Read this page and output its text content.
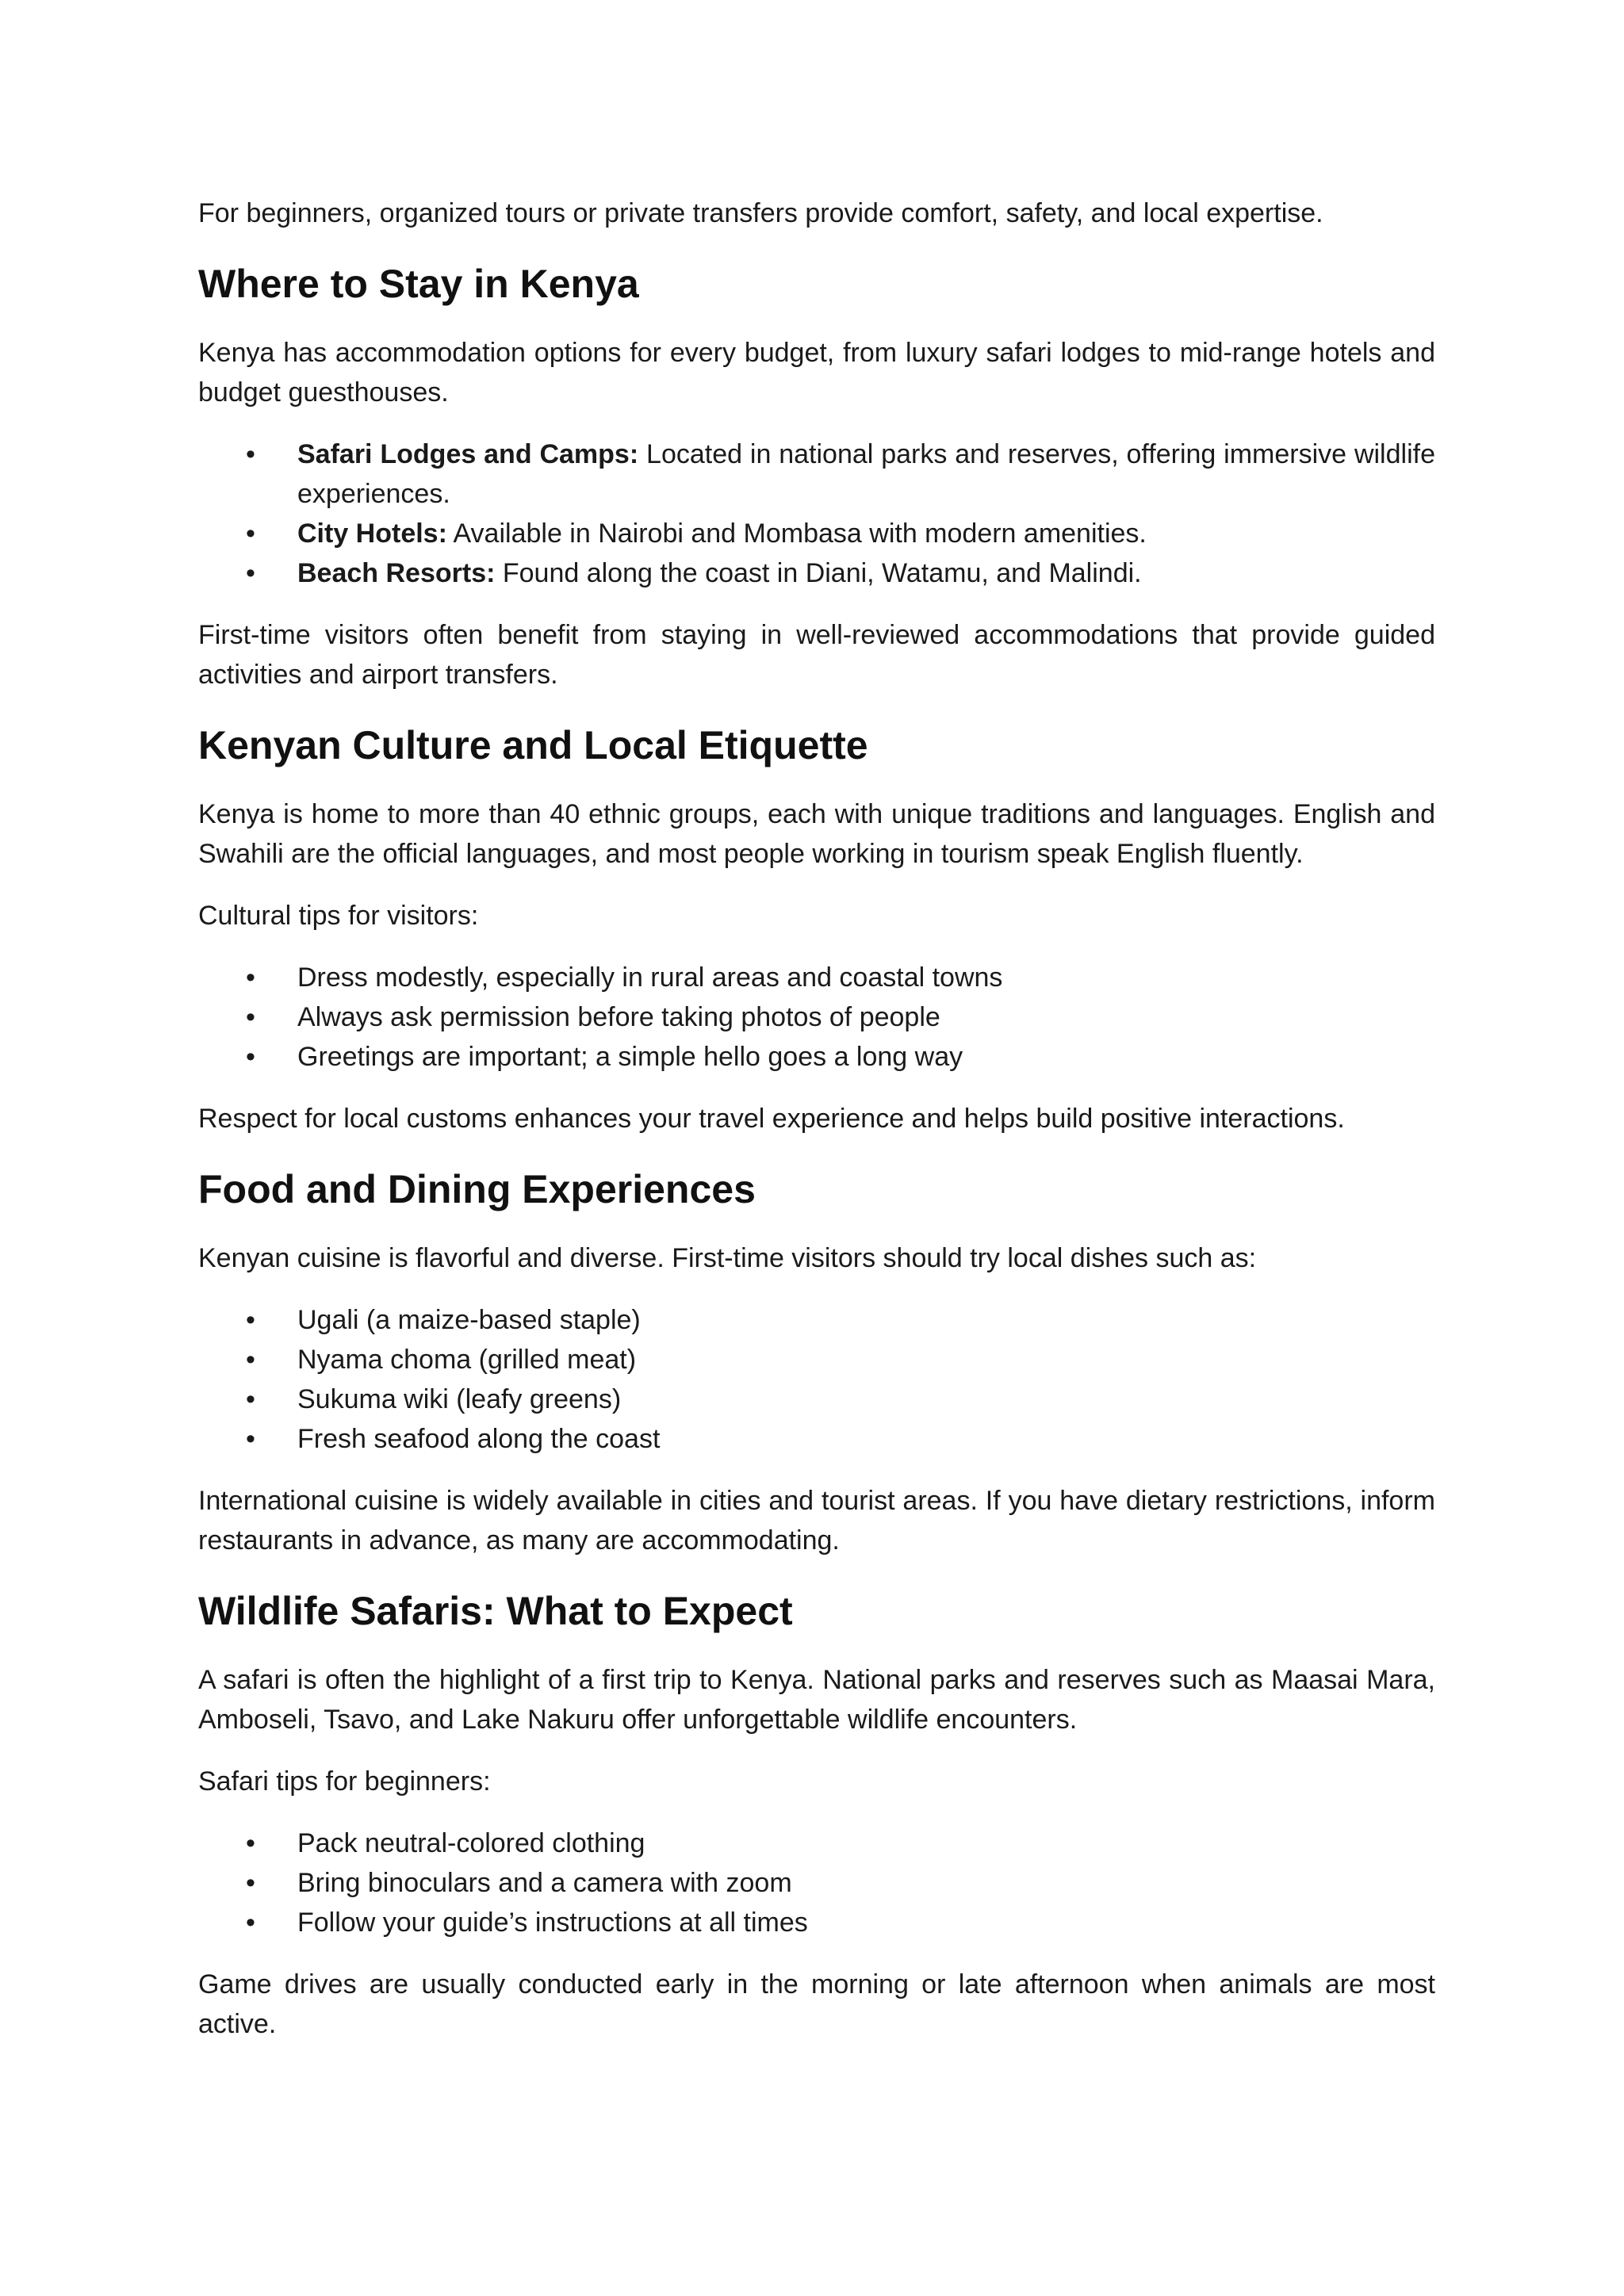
For beginners, organized tours or private transfers provide comfort, safety, and local expertise.

Where to Stay in Kenya

Kenya has accommodation options for every budget, from luxury safari lodges to mid-range hotels and budget guesthouses.

• Safari Lodges and Camps: Located in national parks and reserves, offering immersive wildlife experiences.
• City Hotels: Available in Nairobi and Mombasa with modern amenities.
• Beach Resorts: Found along the coast in Diani, Watamu, and Malindi.

First-time visitors often benefit from staying in well-reviewed accommodations that provide guided activities and airport transfers.

Kenyan Culture and Local Etiquette

Kenya is home to more than 40 ethnic groups, each with unique traditions and languages. English and Swahili are the official languages, and most people working in tourism speak English fluently.

Cultural tips for visitors:

• Dress modestly, especially in rural areas and coastal towns
• Always ask permission before taking photos of people
• Greetings are important; a simple hello goes a long way

Respect for local customs enhances your travel experience and helps build positive interactions.

Food and Dining Experiences

Kenyan cuisine is flavorful and diverse. First-time visitors should try local dishes such as:

• Ugali (a maize-based staple)
• Nyama choma (grilled meat)
• Sukuma wiki (leafy greens)
• Fresh seafood along the coast

International cuisine is widely available in cities and tourist areas. If you have dietary restrictions, inform restaurants in advance, as many are accommodating.

Wildlife Safaris: What to Expect

A safari is often the highlight of a first trip to Kenya. National parks and reserves such as Maasai Mara, Amboseli, Tsavo, and Lake Nakuru offer unforgettable wildlife encounters.

Safari tips for beginners:

• Pack neutral-colored clothing
• Bring binoculars and a camera with zoom
• Follow your guide’s instructions at all times

Game drives are usually conducted early in the morning or late afternoon when animals are most active.
